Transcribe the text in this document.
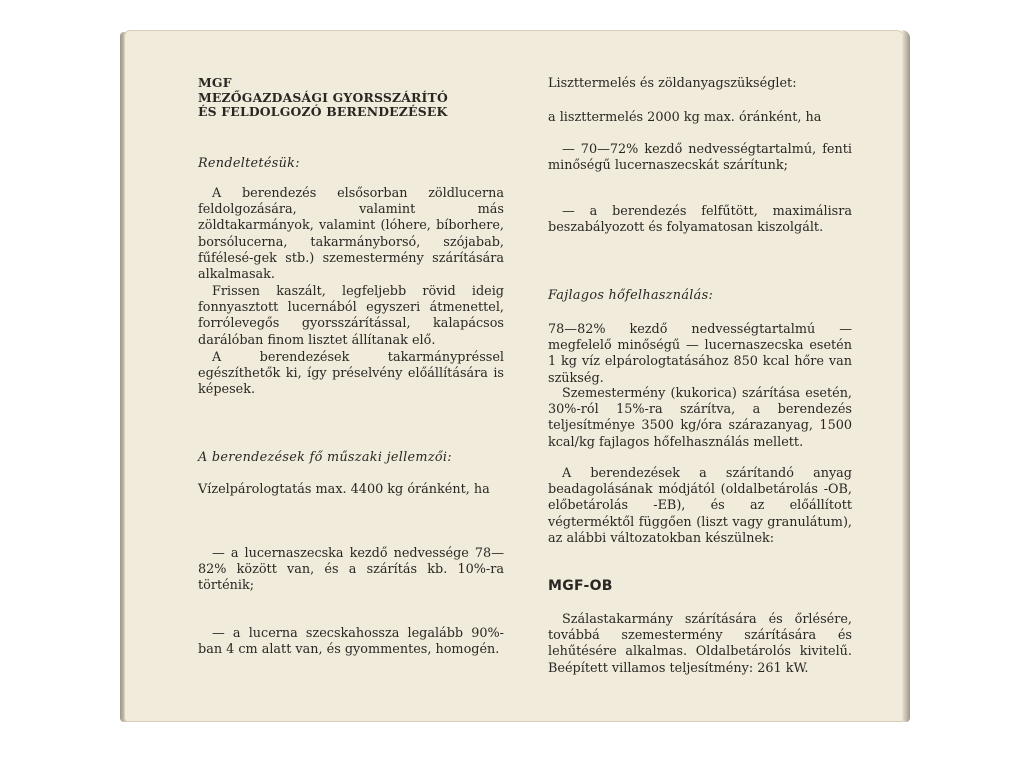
MGF
MEZŐGAZDASÁGI GYORSSZÁRÍTÓ
ÉS FELDOLGOZÓ BERENDEZÉSEK

Rendeltetésük:

A berendezés elsősorban zöldlucerna feldolgozására, valamint más zöldtakarmányok, valamint (lóhere, bíborhere, borsólucerna, takarmányborsó, szójabab, fűfélesé-gek stb.) szemestermény szárítására alkalmasak.

Frissen kaszált, legfeljebb rövid ideig fonnyasztott lucernából egyszeri átmenettel, forrólevegős gyorsszárítással, kalapácsos darálóban finom lisztet állítanak elő.

A berendezések takarmánypréssel egészíthetők ki, így préselvény előállítására is képesek.

A berendezések fő műszaki jellemzői:

Vízelpárologtatás max. 4400 kg óránként, ha

— a lucernaszecska kezdő nedvessége 78—82% között van, és a szárítás kb. 10%-ra történik;

— a lucerna szecskahossza legalább 90%-ban 4 cm alatt van, és gyommentes, homogén.

Liszttermelés és zöldanyagszükséglet:

a liszttermelés 2000 kg max. óránként, ha

— 70—72% kezdő nedvességtartalmú, fenti minőségű lucernaszecskát szárítunk;

— a berendezés felfűtött, maximálisra beszabályozott és folyamatosan kiszolgált.

Fajlagos hőfelhasználás:

78—82% kezdő nedvességtartalmú — megfelelő minőségű — lucernaszecska esetén 1 kg víz elpárologtatásához 850 kcal hőre van szükség.

Szemestermény (kukorica) szárítása esetén, 30%-ról 15%-ra szárítva, a berendezés teljesítménye 3500 kg/óra szárazanyag, 1500 kcal/kg fajlagos hőfelhasználás mellett.

A berendezések a szárítandó anyag beadagolásának módjától (oldalbetárolás -OB, előbetárolás -EB), és az előállított végterméktől függően (liszt vagy granulátum), az alábbi változatokban készülnek:

MGF-OB

Szálastakarmány szárítására és őrlésére, továbbá szemestermény szárítására és lehűtésére alkalmas. Oldalbetárolós kivitelű. Beépített villamos teljesítmény: 261 kW.
